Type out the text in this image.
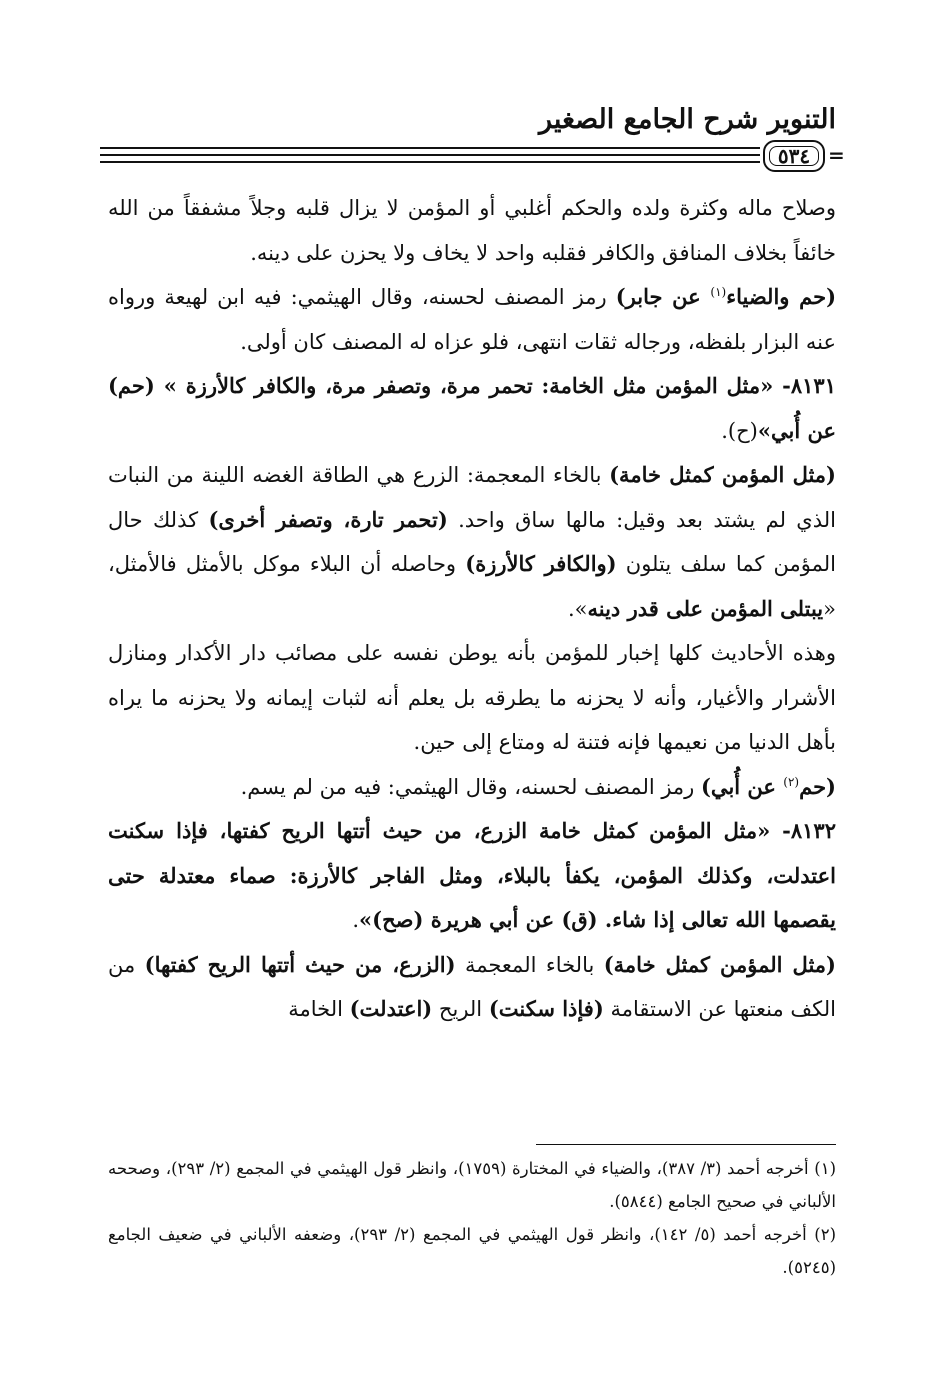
التنوير شرح الجامع الصغير
٥٣٤ =

وصلاح ماله وكثرة ولده والحكم أغلبي أو المؤمن لا يزال قلبه وجلاً مشفقاً من الله خائفاً بخلاف المنافق والكافر فقلبه واحد لا يخاف ولا يحزن على دينه.

(حم والضياء$^{(١)}$ عن جابر) رمز المصنف لحسنه، وقال الهيثمي: فيه ابن لهيعة ورواه عنه البزار بلفظه، ورجاله ثقات انتهى، فلو عزاه له المصنف كان أولى.

٨١٣١- «مثل المؤمن مثل الخامة: تحمر مرة، وتصفر مرة، والكافر كالأرزة » (حم) عن أُبي»(ح).

(مثل المؤمن كمثل خامة) بالخاء المعجمة: الزرع هي الطاقة الغضه اللينة من النبات الذي لم يشتد بعد وقيل: مالها ساق واحد. (تحمر تارة، وتصفر أخرى) كذلك حال المؤمن كما سلف يتلون (والكافر كالأرزة) وحاصله أن البلاء موكل بالأمثل فالأمثل، «يبتلى المؤمن على قدر دينه».

وهذه الأحاديث كلها إخبار للمؤمن بأنه يوطن نفسه على مصائب دار الأكدار ومنازل الأشرار والأغيار، وأنه لا يحزنه ما يطرقه بل يعلم أنه لثبات إيمانه ولا يحزنه ما يراه بأهل الدنيا من نعيمها فإنه فتنة له ومتاع إلى حين.

(حم$^{(٢)}$ عن أُبي) رمز المصنف لحسنه، وقال الهيثمي: فيه من لم يسم.

٨١٣٢- «مثل المؤمن كمثل خامة الزرع، من حيث أتتها الريح كفتها، فإذا سكنت اعتدلت، وكذلك المؤمن، يكفأ بالبلاء، ومثل الفاجر كالأرزة: صماء معتدلة حتى يقصمها الله تعالى إذا شاء. (ق) عن أبي هريرة (صح)».

(مثل المؤمن كمثل خامة) بالخاء المعجمة (الزرع، من حيث أتتها الريح كفتها) من الكف منعتها عن الاستقامة (فإذا سكنت) الريح (اعتدلت) الخامة

(١) أخرجه أحمد (٣/ ٣٨٧)، والضياء في المختارة (١٧٥٩)، وانظر قول الهيثمي في المجمع (٢/ ٢٩٣)، وصححه الألباني في صحيح الجامع (٥٨٤٤).

(٢) أخرجه أحمد (٥/ ١٤٢)، وانظر قول الهيثمي في المجمع (٢/ ٢٩٣)، وضعفه الألباني في ضعيف الجامع (٥٢٤٥).
